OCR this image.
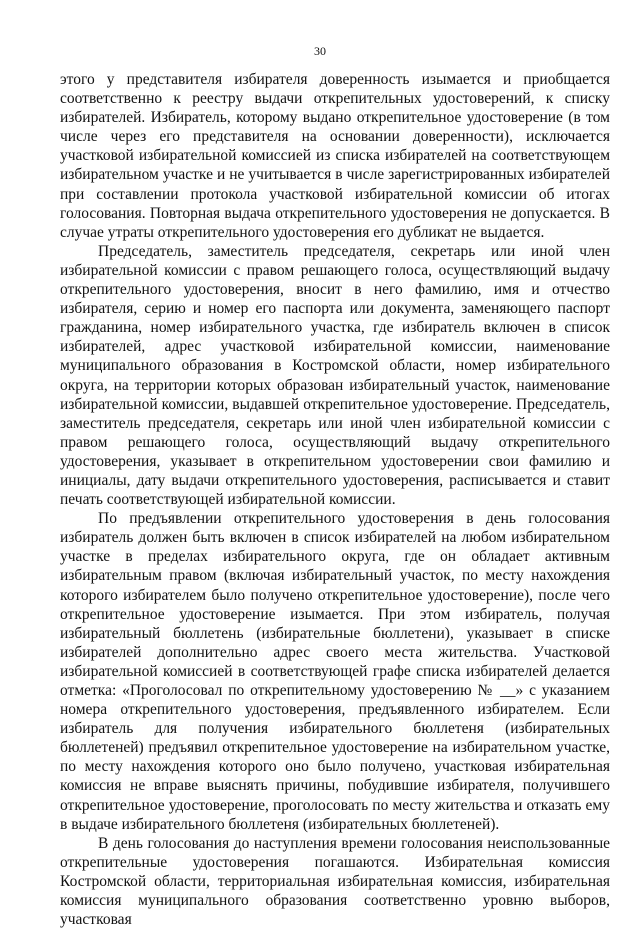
30

этого у представителя избирателя доверенность изымается и приобщается соответственно к реестру выдачи открепительных удостоверений, к списку избирателей. Избиратель, которому выдано открепительное удостоверение (в том числе через его представителя на основании доверенности), исключается участковой избирательной комиссией из списка избирателей на соответствующем избирательном участке и не учитывается в числе зарегистрированных избирателей при составлении протокола участковой избирательной комиссии об итогах голосования. Повторная выдача открепительного удостоверения не допускается. В случае утраты открепительного удостоверения его дубликат не выдается.

Председатель, заместитель председателя, секретарь или иной член избирательной комиссии с правом решающего голоса, осуществляющий выдачу открепительного удостоверения, вносит в него фамилию, имя и отчество избирателя, серию и номер его паспорта или документа, заменяющего паспорт гражданина, номер избирательного участка, где избиратель включен в список избирателей, адрес участковой избирательной комиссии, наименование муниципального образования в Костромской области, номер избирательного округа, на территории которых образован избирательный участок, наименование избирательной комиссии, выдавшей открепительное удостоверение. Председатель, заместитель председателя, секретарь или иной член избирательной комиссии с правом решающего голоса, осуществляющий выдачу открепительного удостоверения, указывает в открепительном удостоверении свои фамилию и инициалы, дату выдачи открепительного удостоверения, расписывается и ставит печать соответствующей избирательной комиссии.

По предъявлении открепительного удостоверения в день голосования избиратель должен быть включен в список избирателей на любом избирательном участке в пределах избирательного округа, где он обладает активным избирательным правом (включая избирательный участок, по месту нахождения которого избирателем было получено открепительное удостоверение), после чего открепительное удостоверение изымается. При этом избиратель, получая избирательный бюллетень (избирательные бюллетени), указывает в списке избирателей дополнительно адрес своего места жительства. Участковой избирательной комиссией в соответствующей графе списка избирателей делается отметка: «Проголосовал по открепительному удостоверению № __» с указанием номера открепительного удостоверения, предъявленного избирателем. Если избиратель для получения избирательного бюллетеня (избирательных бюллетеней) предъявил открепительное удостоверение на избирательном участке, по месту нахождения которого оно было получено, участковая избирательная комиссия не вправе выяснять причины, побудившие избирателя, получившего открепительное удостоверение, проголосовать по месту жительства и отказать ему в выдаче избирательного бюллетеня (избирательных бюллетеней).

В день голосования до наступления времени голосования неиспользованные открепительные удостоверения погашаются. Избирательная комиссия Костромской области, территориальная избирательная комиссия, избирательная комиссия муниципального образования соответственно уровню выборов, участковая
